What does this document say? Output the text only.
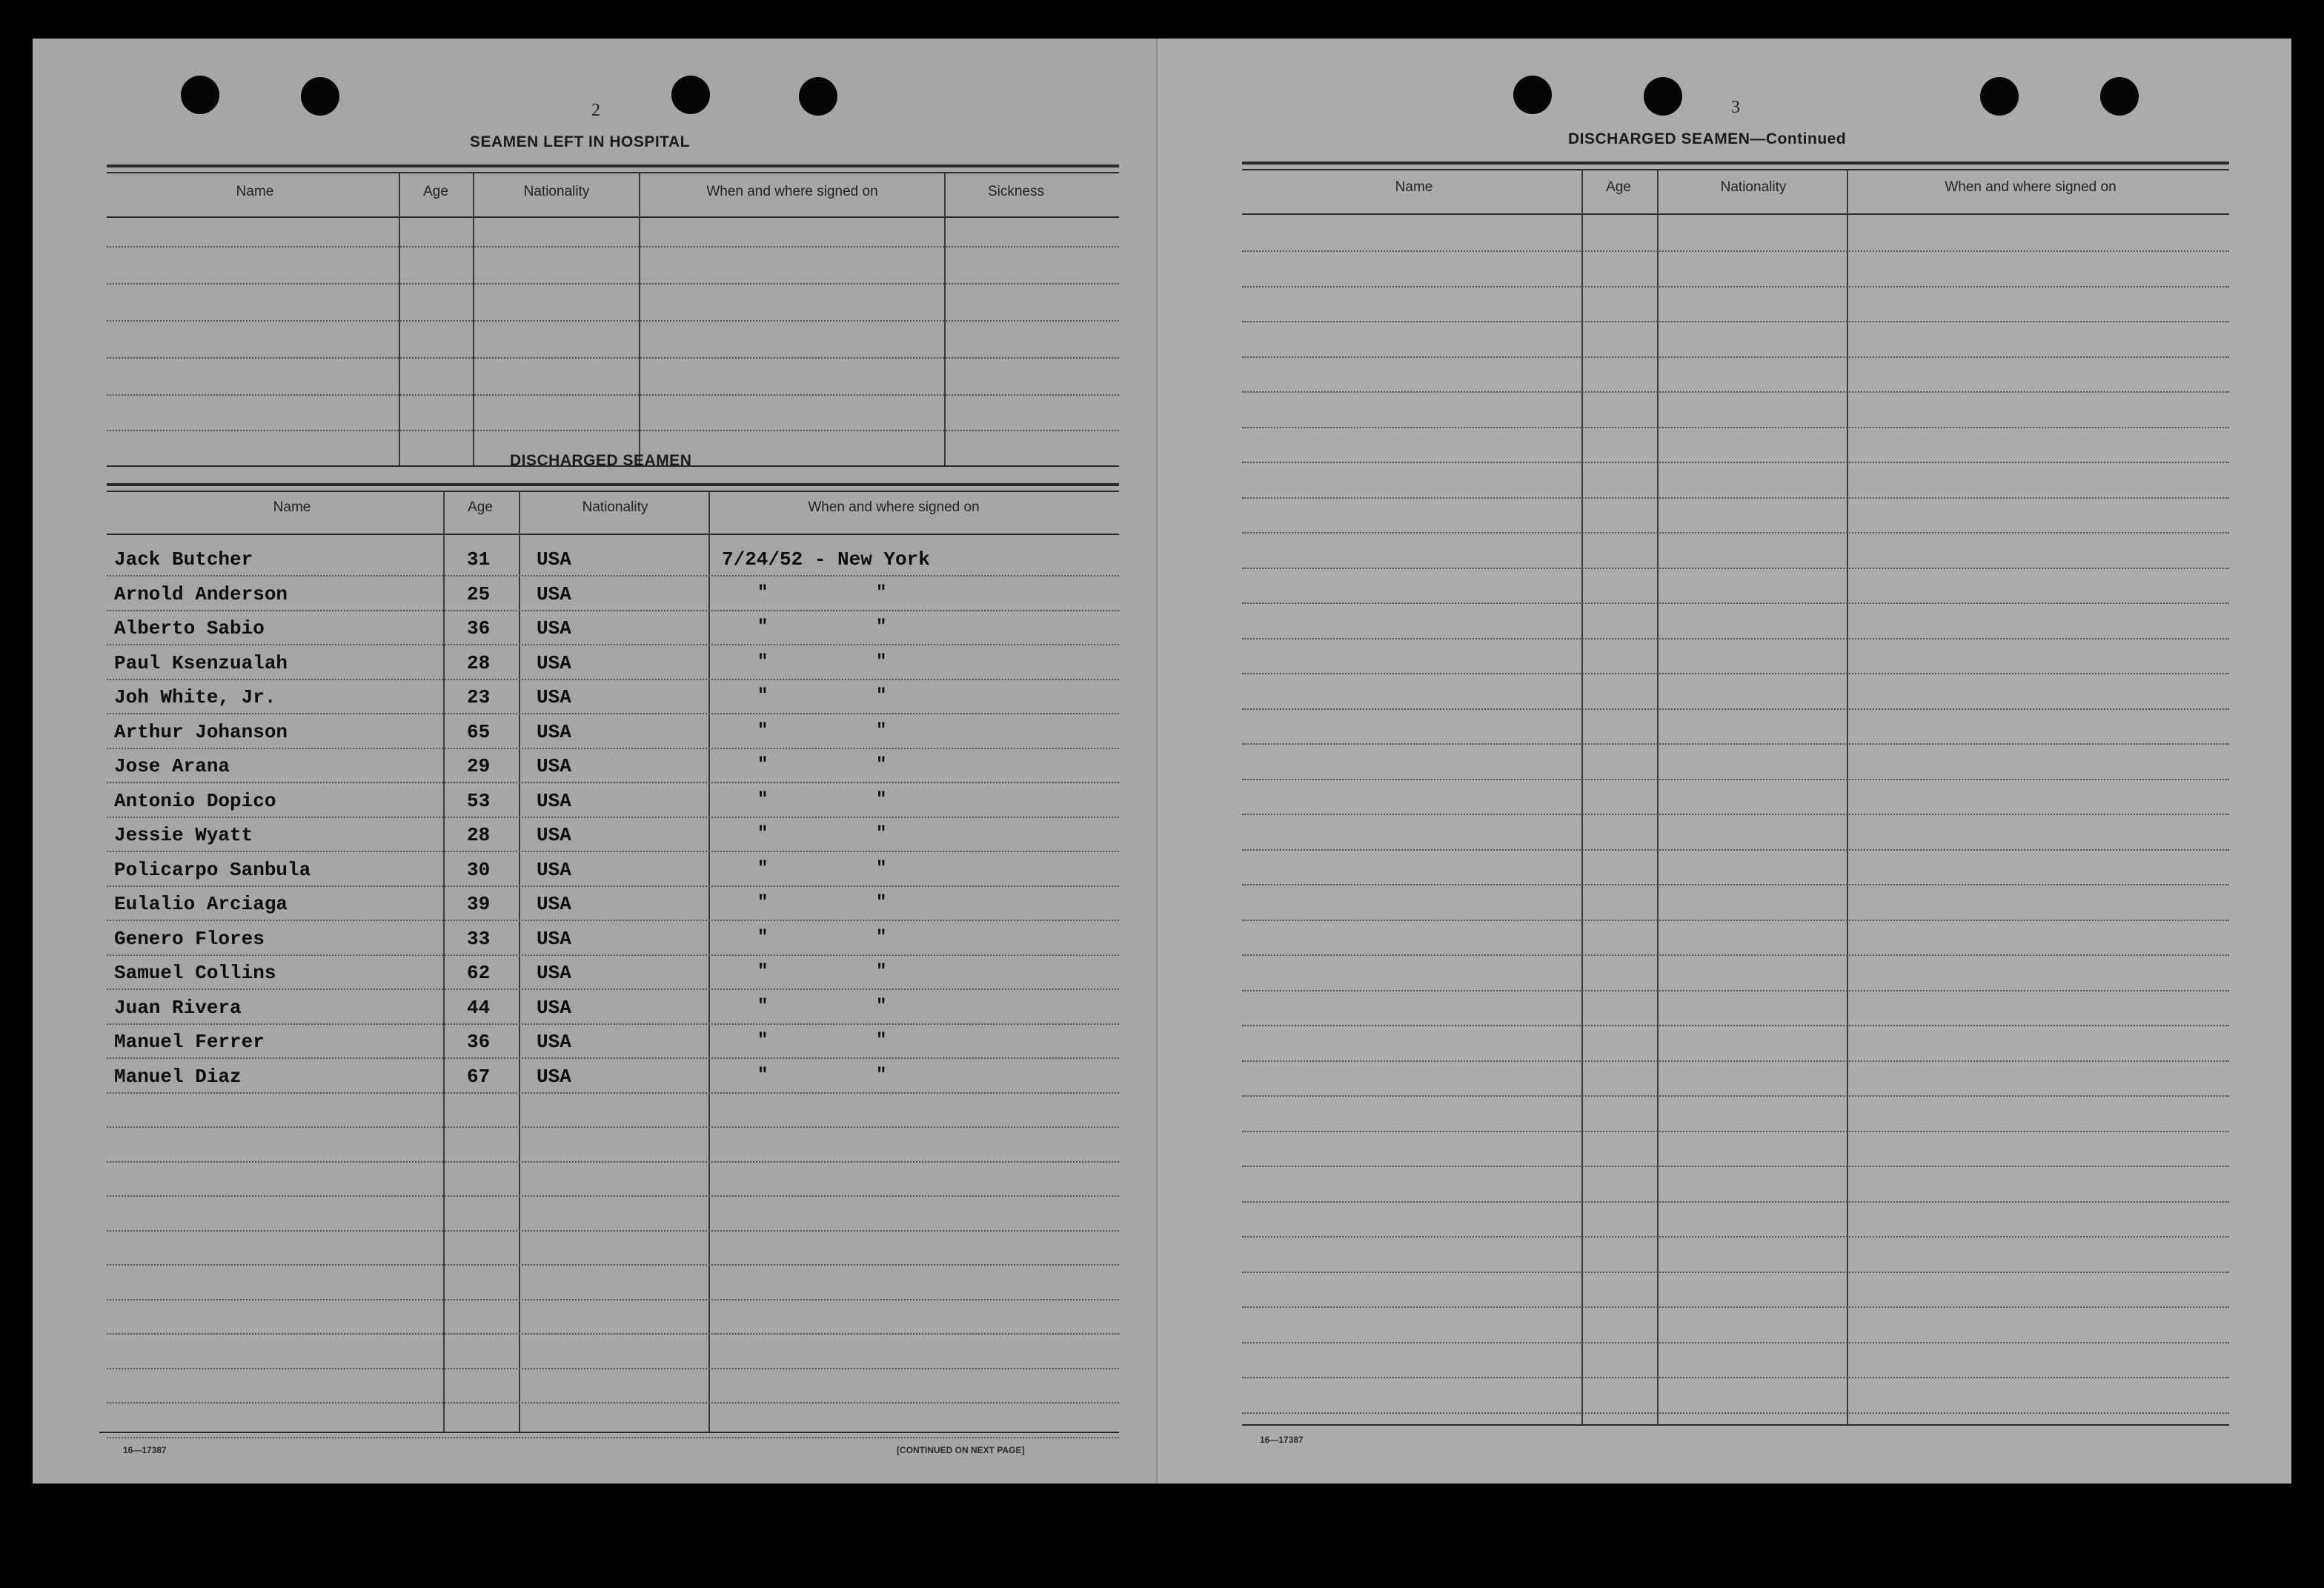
2
SEAMEN LEFT IN HOSPITAL
Name	Age	Nationality	When and where signed on	Sickness
DISCHARGED SEAMEN
Name	Age	Nationality	When and where signed on
Jack Butcher	31 USA	7/24/52 - New York
Arnold Anderson	25 USA	"	"
Alberto Sabio	36 USA	"	"
Paul Ksenzualah	28 USA	"	"
Joh White, Jr.	23 USA	"	"
Arthur Johanson	65 USA	"	"
Jose Arana	29 USA	"	"
Antonio Dopico	53 USA	"	"
Jessie Wyatt	28 USA	"	"
Policarpo Sanbula	30 USA	"	"
Eulalio Arciaga	39 USA	"	"
Genero Flores	33 USA	"	"
Samuel Collins	62 USA	"	"
Juan Rivera	44 USA	"	"
Manuel Ferrer	36 USA	"	"
Manuel Diaz	67 USA	"	"
16—17387	[CONTINUED ON NEXT PAGE]
3
DISCHARGED SEAMEN—Continued
Name	Age	Nationality	When and where signed on
16—17387
